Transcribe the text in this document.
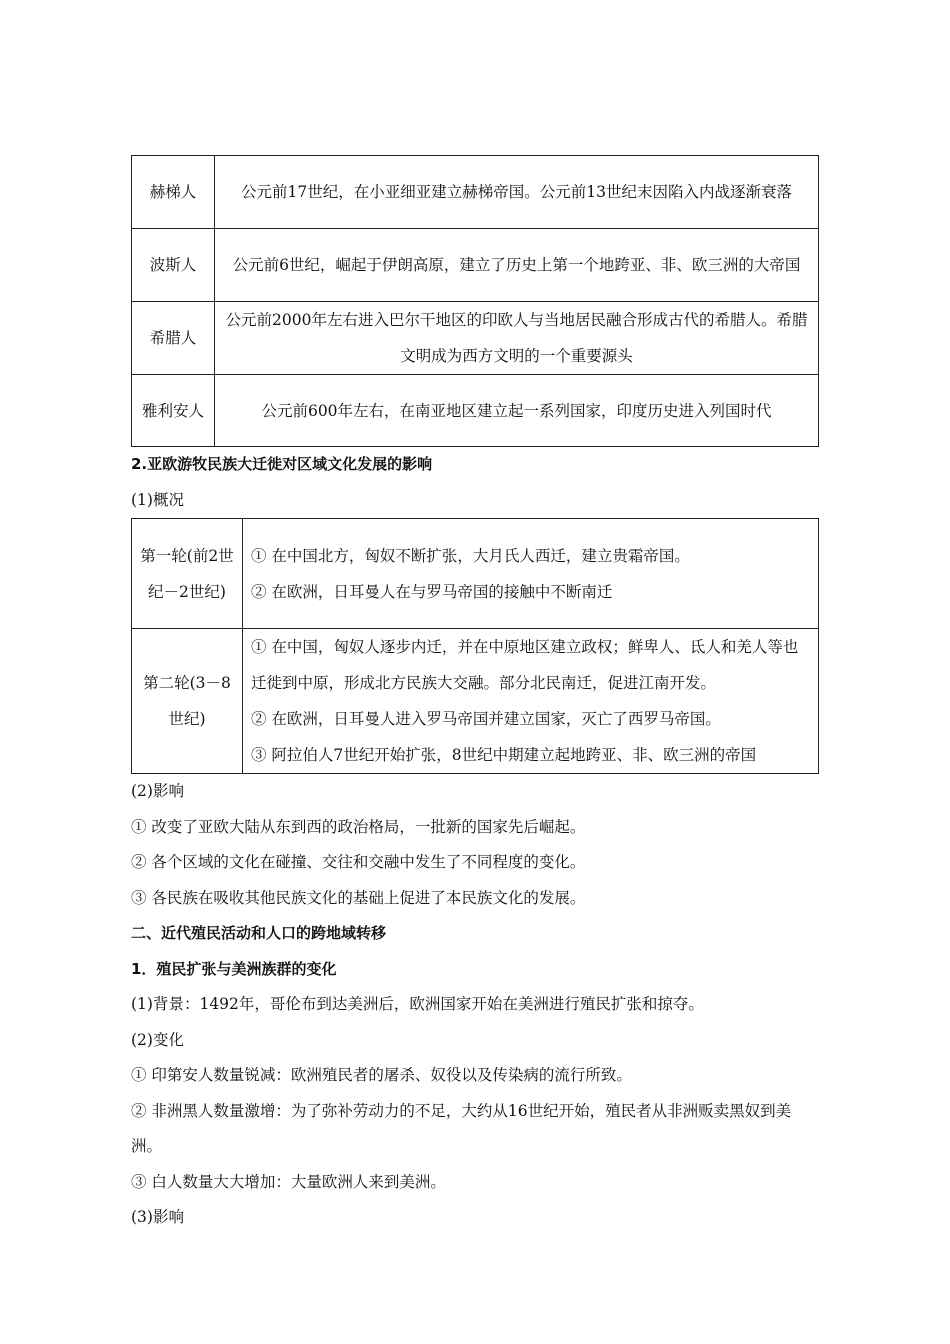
赫梯人	公元前17世纪，在小亚细亚建立赫梯帝国。公元前13世纪末因陷入内战逐渐衰落
波斯人	公元前6世纪，崛起于伊朗高原，建立了历史上第一个地跨亚、非、欧三洲的大帝国
希腊人	公元前2000年左右进入巴尔干地区的印欧人与当地居民融合形成古代的希腊人。希腊文明成为西方文明的一个重要源头
雅利安人	公元前600年左右，在南亚地区建立起一系列国家，印度历史进入列国时代

2.亚欧游牧民族大迁徙对区域文化发展的影响

(1)概况

第一轮(前2世纪－2世纪)	① 在中国北方，匈奴不断扩张，大月氏人西迁，建立贵霜帝国。
② 在欧洲，日耳曼人在与罗马帝国的接触中不断南迁

第二轮(3－8世纪)	① 在中国，匈奴人逐步内迁，并在中原地区建立政权；鲜卑人、氐人和羌人等也迁徙到中原，形成北方民族大交融。部分北民南迁，促进江南开发。
② 在欧洲，日耳曼人进入罗马帝国并建立国家，灭亡了西罗马帝国。
③ 阿拉伯人7世纪开始扩张，8世纪中期建立起地跨亚、非、欧三洲的帝国

(2)影响

① 改变了亚欧大陆从东到西的政治格局，一批新的国家先后崛起。

② 各个区域的文化在碰撞、交往和交融中发生了不同程度的变化。

③ 各民族在吸收其他民族文化的基础上促进了本民族文化的发展。

二、近代殖民活动和人口的跨地域转移

1．殖民扩张与美洲族群的变化

(1)背景：1492年，哥伦布到达美洲后，欧洲国家开始在美洲进行殖民扩张和掠夺。

(2)变化

① 印第安人数量锐减：欧洲殖民者的屠杀、奴役以及传染病的流行所致。

② 非洲黑人数量激增：为了弥补劳动力的不足，大约从16世纪开始，殖民者从非洲贩卖黑奴到美洲。

③ 白人数量大大增加：大量欧洲人来到美洲。

(3)影响
